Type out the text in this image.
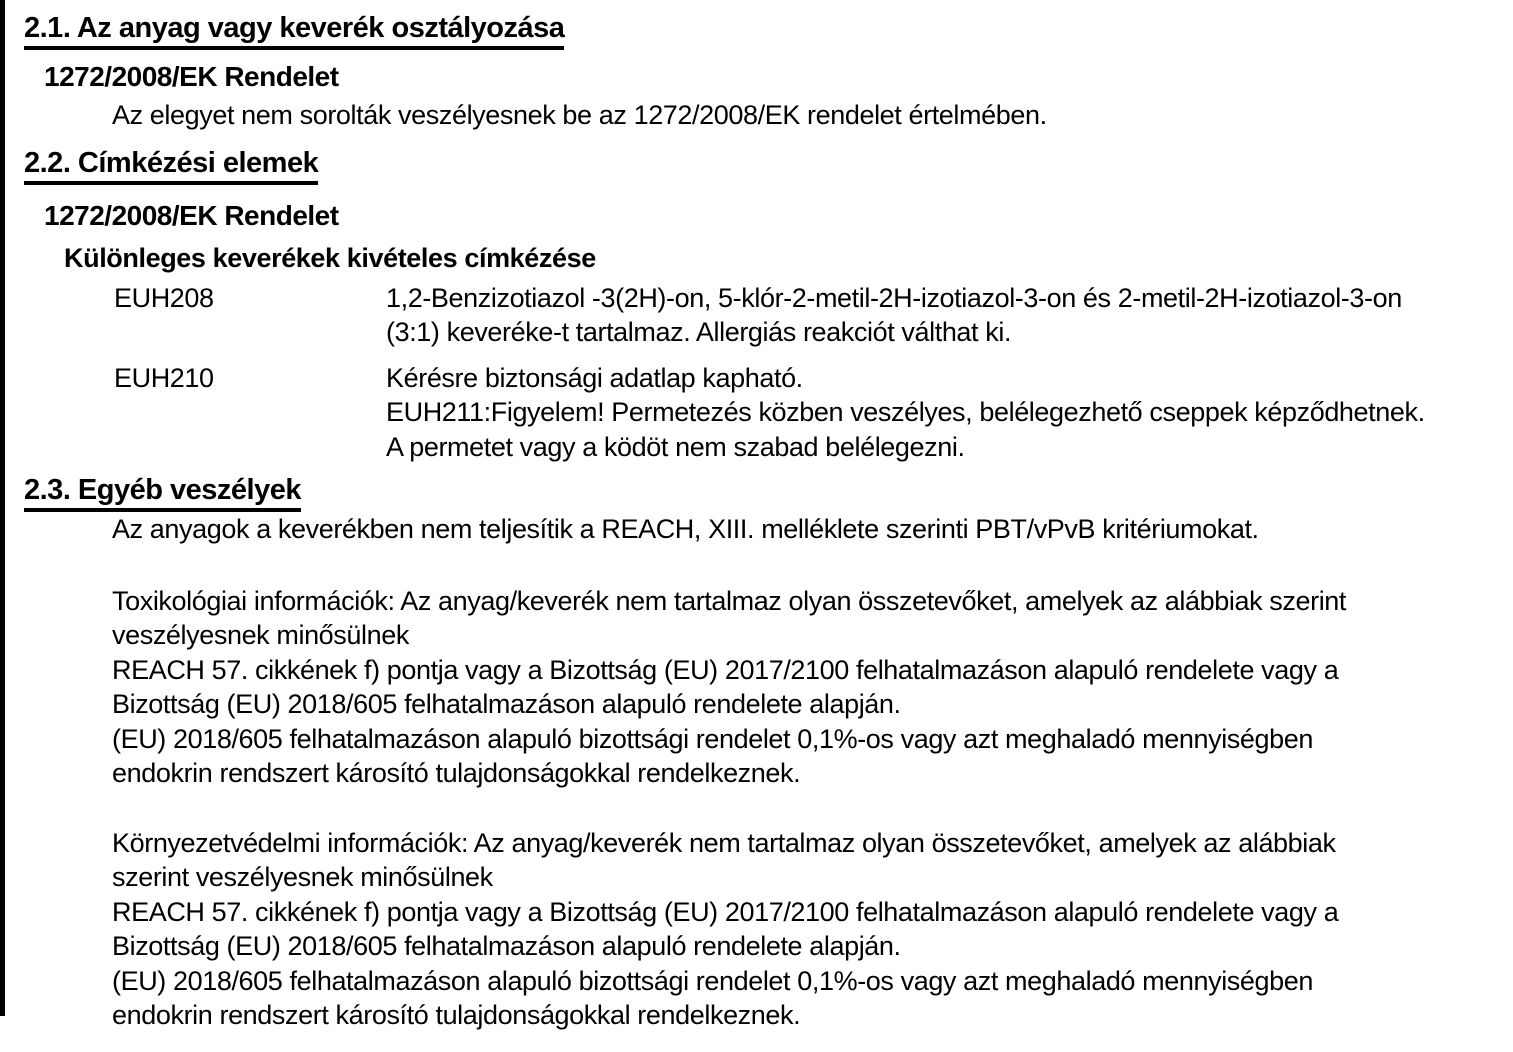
2.1. Az anyag vagy keverék osztályozása
1272/2008/EK Rendelet
Az elegyet nem sorolták veszélyesnek be az 1272/2008/EK rendelet értelmében.
2.2. Címkézési elemek
1272/2008/EK Rendelet
Különleges keverékek kivételes címkézése
EUH208	1,2-Benzizotiazol -3(2H)-on, 5-klór-2-metil-2H-izotiazol-3-on és 2-metil-2H-izotiazol-3-on
(3:1) keveréke-t tartalmaz. Allergiás reakciót válthat ki.
EUH210	Kérésre biztonsági adatlap kapható.
EUH211:Figyelem! Permetezés közben veszélyes, belélegezhető cseppek képződhetnek.
A permetet vagy a ködöt nem szabad belélegezni.
2.3. Egyéb veszélyek
Az anyagok a keverékben nem teljesítik a REACH, XIII. melléklete szerinti PBT/vPvB kritériumokat.
Toxikológiai információk: Az anyag/keverék nem tartalmaz olyan összetevőket, amelyek az alábbiak szerint
veszélyesnek minősülnek
REACH 57. cikkének f) pontja vagy a Bizottság (EU) 2017/2100 felhatalmazáson alapuló rendelete vagy a
Bizottság (EU) 2018/605 felhatalmazáson alapuló rendelete alapján.
(EU) 2018/605 felhatalmazáson alapuló bizottsági rendelet 0,1%-os vagy azt meghaladó mennyiségben
endokrin rendszert károsító tulajdonságokkal rendelkeznek.
Környezetvédelmi információk: Az anyag/keverék nem tartalmaz olyan összetevőket, amelyek az alábbiak
szerint veszélyesnek minősülnek
REACH 57. cikkének f) pontja vagy a Bizottság (EU) 2017/2100 felhatalmazáson alapuló rendelete vagy a
Bizottság (EU) 2018/605 felhatalmazáson alapuló rendelete alapján.
(EU) 2018/605 felhatalmazáson alapuló bizottsági rendelet 0,1%-os vagy azt meghaladó mennyiségben
endokrin rendszert károsító tulajdonságokkal rendelkeznek.
